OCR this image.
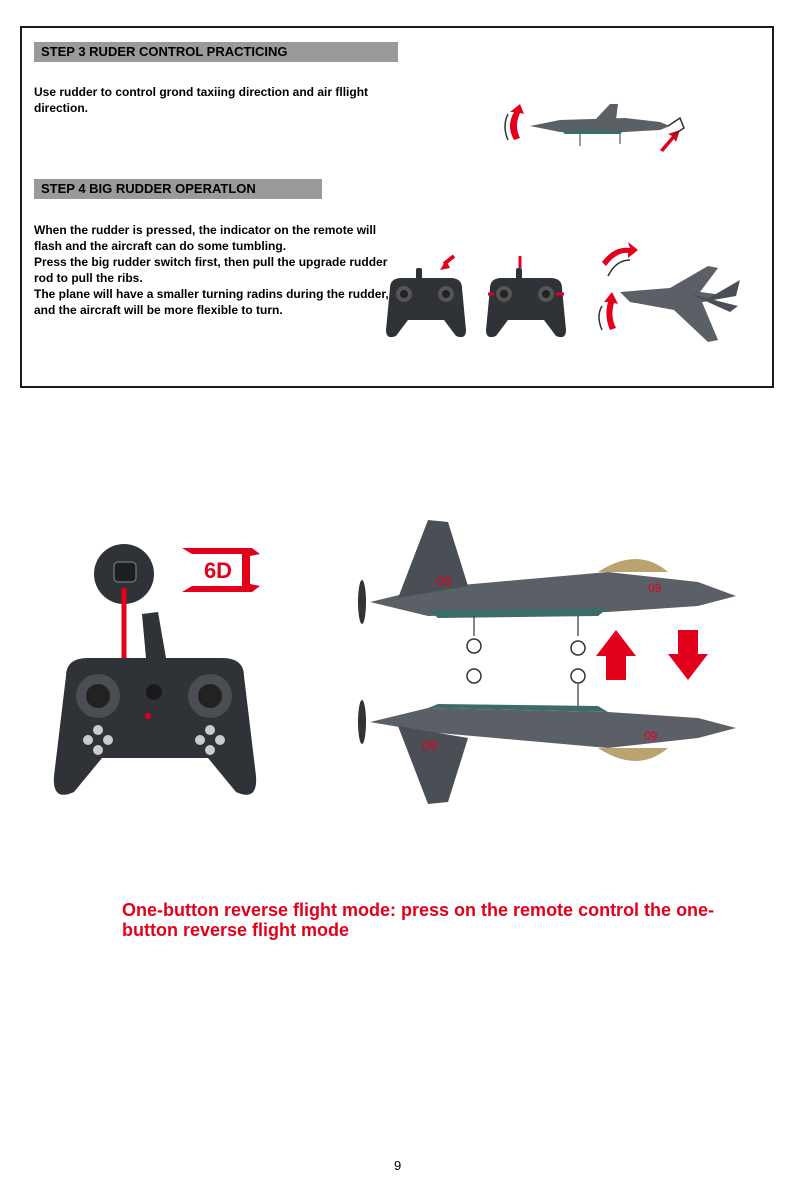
STEP 3 RUDER CONTROL PRACTICING

Use rudder to control grond taxiing direction and air fllight direction.

STEP 4 BIG RUDDER OPERATLON

When the rudder is pressed, the indicator on the remote will flash and the aircraft can do some tumbling.

Press the big rudder switch first, then pull the upgrade rudder rod to pull the ribs.

The plane will have a smaller turning radins during the rudder, and the aircraft will be more flexible to turn.

6D	09	09
09
09
One-button reverse flight mode: press on the remote control the one-button reverse flight mode
9
